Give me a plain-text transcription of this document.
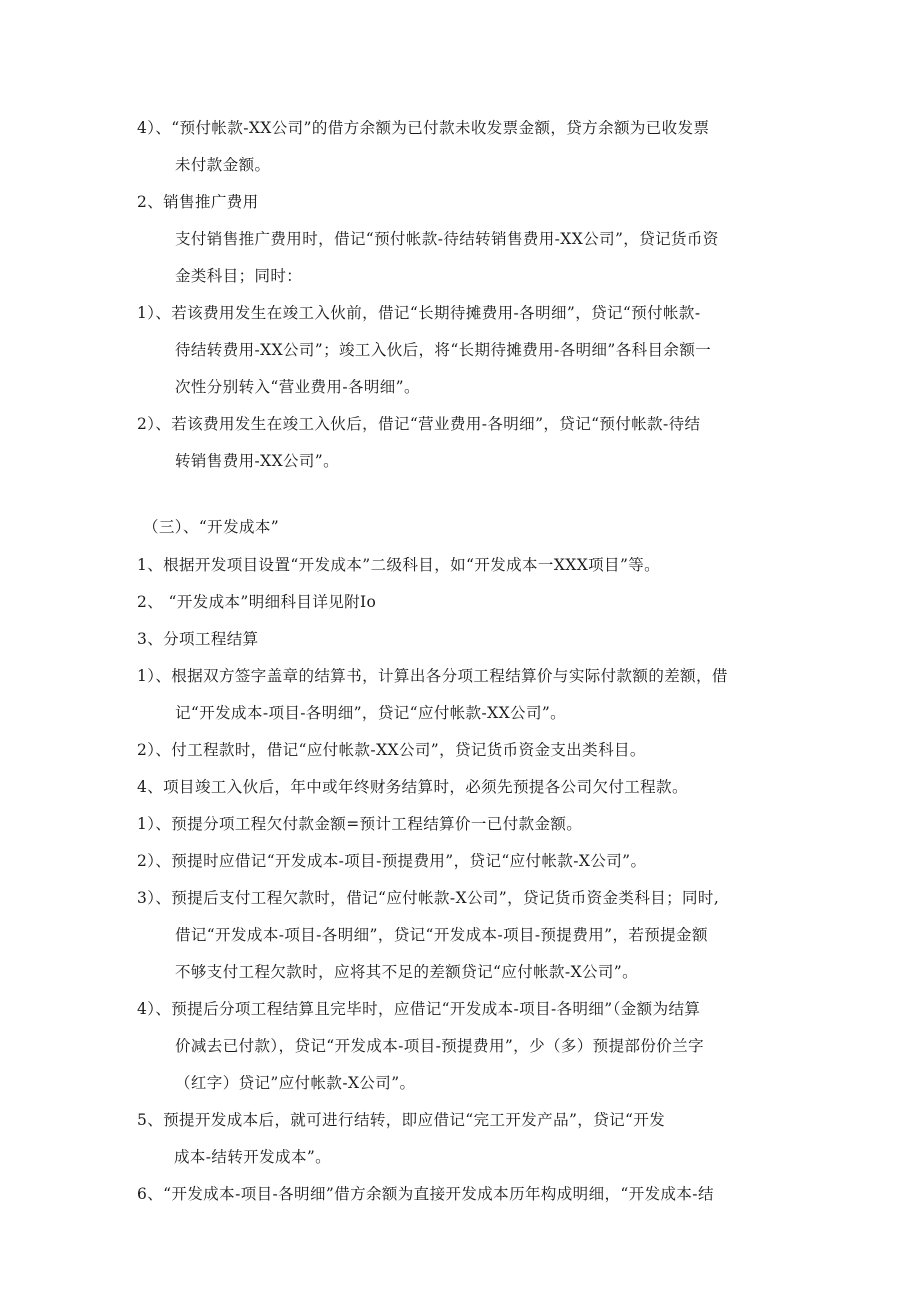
4）、“预付帐款-XX公司”的借方余额为已付款未收发票金额，贷方余额为已收发票
未付款金额。
2、销售推广费用
支付销售推广费用时，借记“预付帐款-待结转销售费用-XX公司”，贷记货币资
金类科目；同时：
1）、若该费用发生在竣工入伙前，借记“长期待摊费用-各明细”，贷记“预付帐款-
待结转费用-XX公司”；竣工入伙后，将“长期待摊费用-各明细”各科目余额一
次性分别转入“营业费用-各明细”。
2）、若该费用发生在竣工入伙后，借记“营业费用-各明细”，贷记“预付帐款-待结
转销售费用-XX公司”。
（三）、“开发成本”
1、根据开发项目设置“开发成本”二级科目，如“开发成本一XXX项目”等。
2、 “开发成本”明细科目详见附Io
3、分项工程结算
1）、根据双方签字盖章的结算书，计算出各分项工程结算价与实际付款额的差额，借
记“开发成本-项目-各明细”，贷记“应付帐款-XX公司”。
2）、付工程款时，借记“应付帐款-XX公司”，贷记货币资金支出类科目。
4、项目竣工入伙后，年中或年终财务结算时，必须先预提各公司欠付工程款。
1）、预提分项工程欠付款金额=预计工程结算价一已付款金额。
2）、预提时应借记“开发成本-项目-预提费用”，贷记“应付帐款-X公司”。
3）、预提后支付工程欠款时，借记“应付帐款-X公司”，贷记货币资金类科目；同时,
借记“开发成本-项目-各明细”，贷记“开发成本-项目-预提费用”，若预提金额
不够支付工程欠款时，应将其不足的差额贷记“应付帐款-X公司”。
4）、预提后分项工程结算且完毕时，应借记“开发成本-项目-各明细”（金额为结算
价减去已付款），贷记“开发成本-项目-预提费用”，少（多）预提部份价兰字
（红字）贷记”应付帐款-X公司”。
5、预提开发成本后，就可进行结转，即应借记“完工开发产品”，贷记“开发
成本-结转开发成本”。
6、“开发成本-项目-各明细”借方余额为直接开发成本历年构成明细，“开发成本-结
